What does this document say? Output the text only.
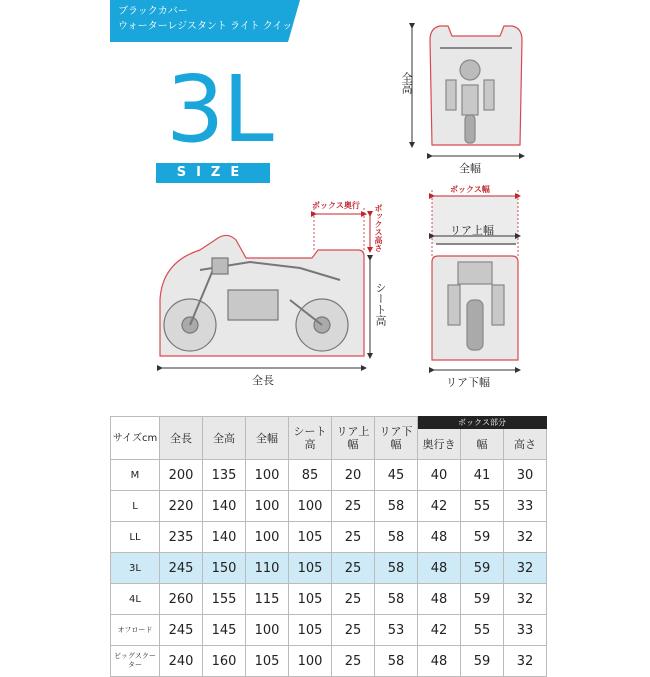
ブラックカバー
ウォーターレジスタント ライト クイック
3L
SIZE
全高
全幅
ボックス幅
リア上幅
リア下幅
ボックス奥行 ボックス高さ
シート高
全長
サイズcm	全長	全高	全幅	シート高	リア上幅	リア下幅	ボックス部分		
							奥行き	幅	高さ
M	200	135	100	85	20	45	40	41	30
L	220	140	100	100	25	58	42	55	33
LL	235	140	100	105	25	58	48	59	32
3L	245	150	110	105	25	58	48	59	32
4L	260	155	115	105	25	58	48	59	32
オフロード	245	145	100	105	25	53	42	55	33
ビッグスクーター	240	160	105	100	25	58	48	59	32
